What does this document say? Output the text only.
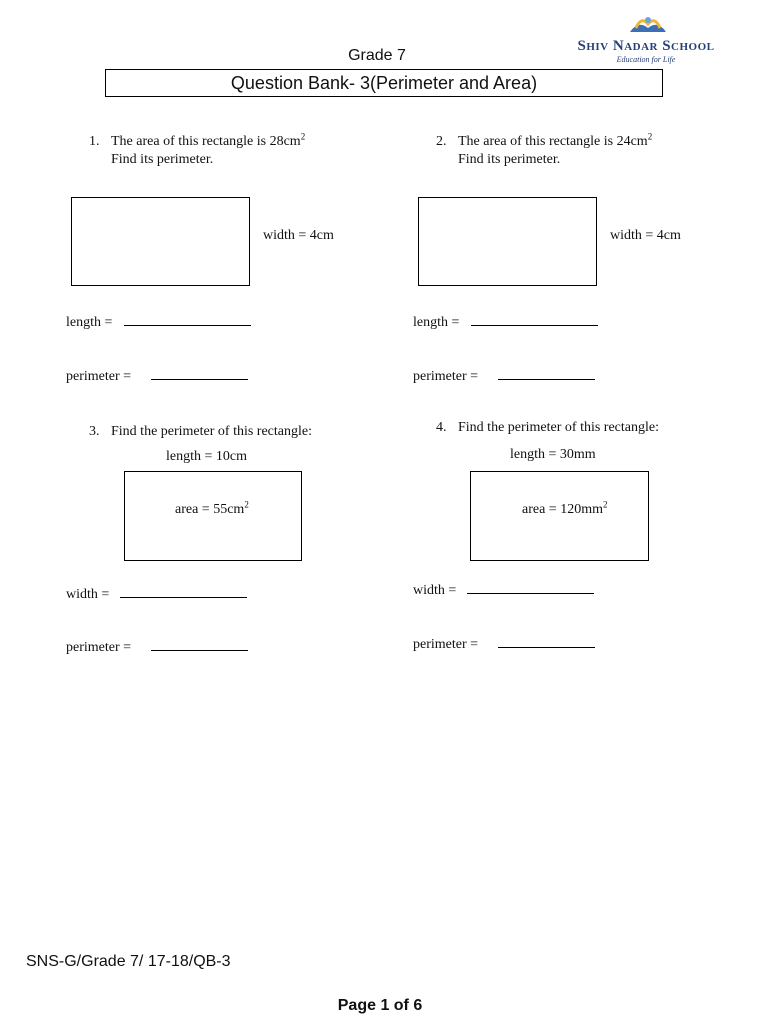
Grade 7
Question Bank- 3(Perimeter and Area)
Shiv Nadar School
Education for Life
1. The area of this rectangle is $28cm^2$
Find its perimeter.
width = 4cm
length =
perimeter =
2. The area of this rectangle is $24cm^2$
Find its perimeter.
width = 4cm
length =
perimeter =
3. Find the perimeter of this rectangle:
length = 10cm
area = $55cm^2$
width =
perimeter =
4. Find the perimeter of this rectangle:
length = 30mm
area = $120mm^2$
width =
perimeter =
SNS-G/Grade 7/ 17-18/QB-3
Page 1 of 6
